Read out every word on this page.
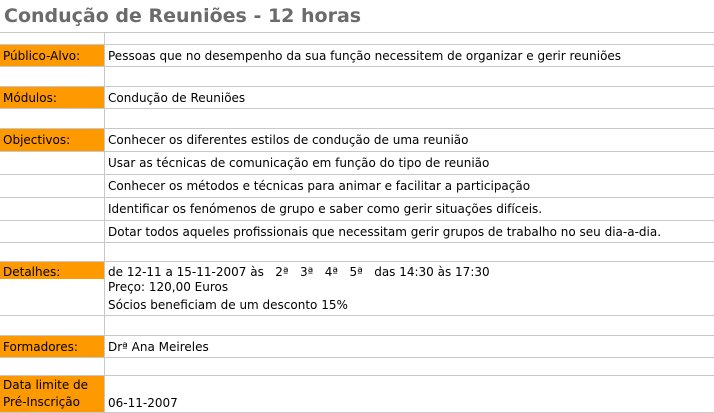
Condução de Reuniões - 12 horas
Público-Alvo:	Pessoas que no desempenho da sua função necessitem de organizar e gerir reuniões
Módulos:	Condução de Reuniões
Objectivos:	Conhecer os diferentes estilos de condução de uma reunião
Usar as técnicas de comunicação em função do tipo de reunião
Conhecer os métodos e técnicas para animar e facilitar a participação
Identificar os fenómenos de grupo e saber como gerir situações difíceis.
Dotar todos aqueles profissionais que necessitam gerir grupos de trabalho no seu dia-a-dia.
Detalhes:	de 12-11 a 15-11-2007 às   2ª   3ª   4ª   5ª   das 14:30 às 17:30
Preço: 120,00 Euros
Sócios beneficiam de um desconto 15%
Formadores:	Drª Ana Meireles
Data limite de
Pré-Inscrição	06-11-2007
